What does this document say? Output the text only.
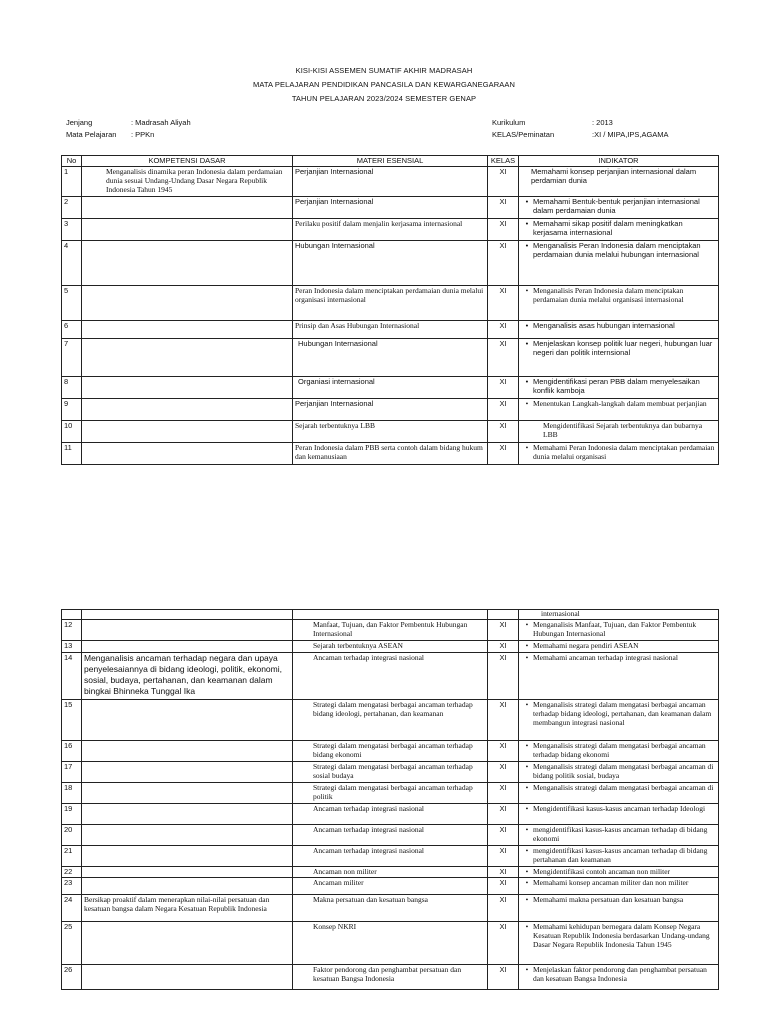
KISI-KISI ASSEMEN SUMATIF AKHIR MADRASAH
MATA PELAJARAN PENDIDIKAN PANCASILA DAN KEWARGANEGARAAN
TAHUN PELAJARAN 2023/2024 SEMESTER GENAP
Jenjang	: Madrasah Aliyah
Mata Pelajaran : PPKn
Kurikulum	: 2013
KELAS/Peminatan	:XI / MIPA,IPS,AGAMA
No	KOMPETENSI DASAR	MATERI ESENSIAL	KELAS	INDIKATOR
1	Menganalisis dinamika peran Indonesia dalam perdamaian dunia sesuai Undang-Undang Dasar Negara Republik Indonesia Tahun 1945	Perjanjian Internasional	XI	Memahami konsep perjanjian internasional dalam perdamian dunia

2		Perjanjian Internasional	XI	• Memahami Bentuk-bentuk perjanjian internasional dalam perdamaian dunia

3		Perilaku positif dalam menjalin kerjasama internasional	XI	• Memahami sikap positif dalam meningkatkan kerjasama internasional

4		Hubungan Internasional	XI	• Menganalisis Peran Indonesia dalam menciptakan perdamaian dunia melalui hubungan internasional

5		Peran Indonesia dalam menciptakan perdamaian dunia melalui organisasi internasional	XI	• Menganalisis Peran Indonesia dalam menciptakan perdamaian dunia melalui organisasi internasional

6		Prinsip dan Asas Hubungan Internasional	XI	• Menganalisis asas hubungan internasional

7		Hubungan Internasional	XI	• Menjelaskan konsep politik luar negeri, hubungan luar negeri dan politik internsional

8		Organiasi internasional	XI	• Mengidentifikasi peran PBB dalam menyelesaikan konflik kamboja

9		Perjanjian Internasional	XI	• Menentukan Langkah-langkah dalam membuat perjanjian

10		Sejarah terbentuknya LBB	XI	Mengidentifikasi Sejarah terbentuknya dan bubarnya LBB

11		Peran Indonesia dalam PBB serta contoh dalam bidang hukum dan kemanusiaan	XI	• Memahami Peran Indonesia dalam menciptakan perdamaian dunia melalui organisasi
				internasional
12		Manfaat, Tujuan, dan Faktor Pembentuk Hubungan Internasional	XI	• Menganalisis Manfaat, Tujuan, dan Faktor Pembentuk Hubungan Internasional

13		Sejarah terbentuknya ASEAN	XI	• Memahami negara pendiri ASEAN

14	Menganalisis ancaman terhadap negara dan upaya penyelesaiannya di bidang ideologi, politik, ekonomi, sosial, budaya, pertahanan, dan keamanan dalam bingkai Bhinneka Tunggal Ika	Ancaman terhadap integrasi nasional	XI	• Memahami ancaman terhadap integrasi nasional

15		Strategi dalam mengatasi berbagai ancaman terhadap bidang ideologi, pertahanan, dan keamanan	XI	• Menganalisis strategi dalam mengatasi berbagai ancaman terhadap bidang ideologi, pertahanan, dan keamanan dalam membangun integrasi nasional

16		Strategi dalam mengatasi berbagai ancaman terhadap bidang ekonomi	XI	• Menganalisis strategi dalam mengatasi berbagai ancaman terhadap bidang ekonomi

17		Strategi dalam mengatasi berbagai ancaman terhadap sosial budaya	XI	• Menganalisis strategi dalam mengatasi berbagai ancaman di bidang politik sosial, budaya

18		Strategi dalam mengatasi berbagai ancaman terhadap politik	XI	• Menganalisis strategi dalam mengatasi berbagai ancaman di

19		Ancaman terhadap integrasi nasional	XI	• Mengidentifikasi kasus-kasus ancaman terhadap Ideologi

20		Ancaman terhadap integrasi nasional	XI	• mengidentifikasi kasus-kasus ancaman terhadap di bidang ekonomi

21		Ancaman terhadap integrasi nasional	XI	• mengidentifikasi kasus-kasus ancaman terhadap di bidang pertahanan dan keamanan

22		Ancaman non militer	XI	• Mengidentifikasi contoh ancaman non militer

23		Ancaman militer	XI	• Memahami konsep ancaman militer dan non militer

24	Bersikap proaktif dalam menerapkan nilai-nilai persatuan dan kesatuan bangsa dalam Negara Kesatuan Republik Indonesia	Makna persatuan dan kesatuan bangsa	XI	• Memahami makna persatuan dan kesatuan bangsa

25		Konsep NKRI	XI	• Memahami kehidupan bernegara dalam Konsep Negara Kesatuan Republik Indonesia berdasarkan Undang-undang Dasar Negara Republik Indonesia Tahun 1945

26		Faktor pendorong dan penghambat persatuan dan kesatuan Bangsa Indonesia	XI	• Menjelaskan faktor pendorong dan penghambat persatuan dan kesatuan Bangsa Indonesia
